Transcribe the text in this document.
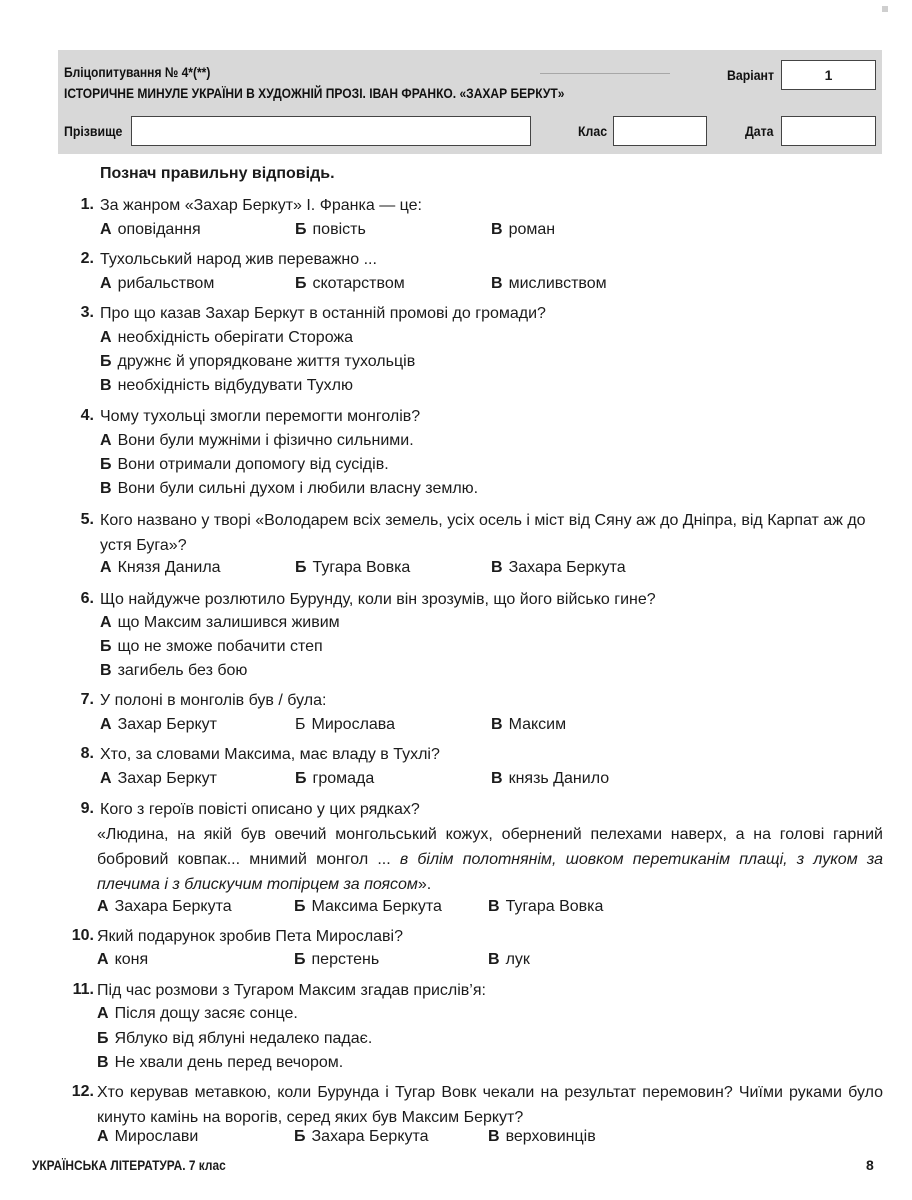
Бліцопитування № 4*(**)
ІСТОРИЧНЕ МИНУЛЕ УКРАЇНИ В ХУДОЖНІЙ ПРОЗІ. ІВАН ФРАНКО. «ЗАХАР БЕРКУТ»
Варіант	1
Прізвище	Клас	Дата
Познач правильну відповідь.
1. За жанром «Захар Беркут» І. Франка — це:
А оповідання	Б повість	В роман
2. Тухольський народ жив переважно ...
А рибальством	Б скотарством	В мисливством
3. Про що казав Захар Беркут в останній промові до громади?
А необхідність оберігати Сторожа
Б дружнє й упорядковане життя тухольців
В необхідність відбудувати Тухлю
4. Чому тухольці змогли перемогти монголів?
А Вони були мужніми і фізично сильними.
Б Вони отримали допомогу від сусідів.
В Вони були сильні духом і любили власну землю.
5. Кого названо у творі «Володарем всіх земель, усіх осель і міст від Сяну аж до Дніпра, від Карпат аж до устя Буга»?
А Князя Данила	Б Тугара Вовка	В Захара Беркута
6. Що найдужче розлютило Бурунду, коли він зрозумів, що його військо гине?
А що Максим залишився живим
Б що не зможе побачити степ
В загибель без бою
7. У полоні в монголів був / була:
А Захар Беркут	Б Мирослава	В Максим
8. Хто, за словами Максима, має владу в Тухлі?
А Захар Беркут	Б громада	В князь Данило
9. Кого з героїв повісті описано у цих рядках?
«Людина, на якій був овечий монгольський кожух, обернений пелехами наверх, а на голові гарний бобровий ковпак... мнимий монгол ... в білім полотнянім, шовком перетиканім плащі, з луком за плечима і з блискучим топірцем за поясом».
А Захара Беркута	Б Максима Беркута	В Тугара Вовка
10. Який подарунок зробив Пета Мирославі?
А коня	Б перстень	В лук
11. Під час розмови з Тугаром Максим згадав прислів’я:
А Після дощу засяє сонце.
Б Яблуко від яблуні недалеко падає.
В Не хвали день перед вечором.
12. Хто керував метавкою, коли Бурунда і Тугар Вовк чекали на результат перемовин? Чиїми руками було кинуто камінь на ворогів, серед яких був Максим Беркут?
А Мирослави	Б Захара Беркута	В верховинців
УКРАЇНСЬКА ЛІТЕРАТУРА. 7 клас	8
